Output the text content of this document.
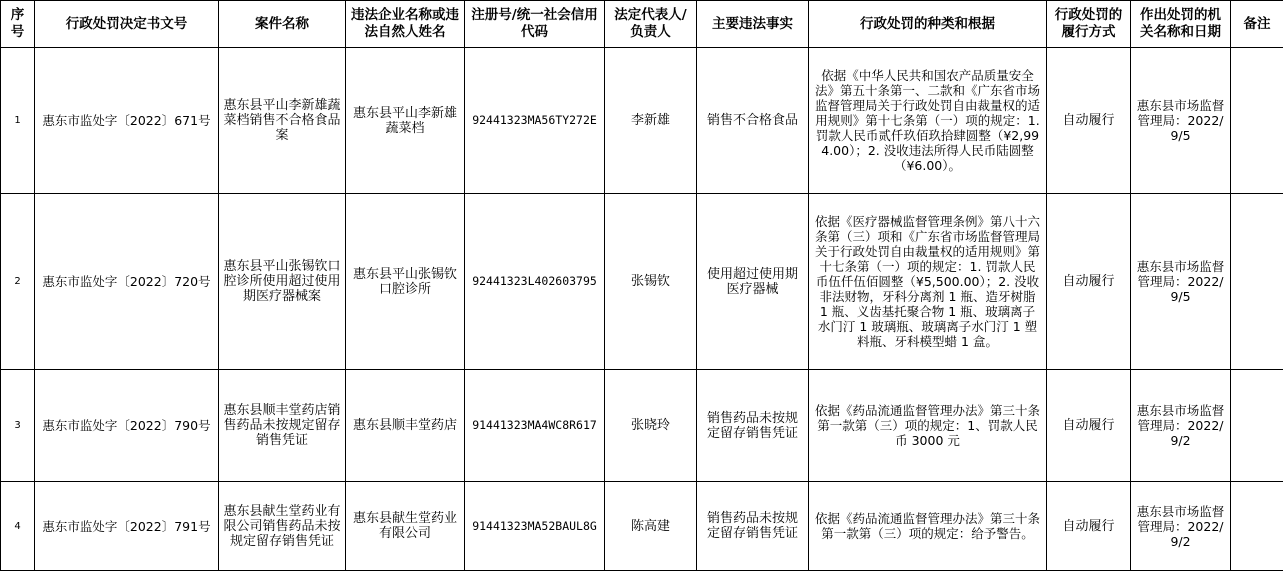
序号	行政处罚决定书文号	案件名称	违法企业名称或违法自然人姓名	注册号/统一社会信用代码	法定代表人/负责人	主要违法事实	行政处罚的种类和根据	行政处罚的履行方式	作出处罚的机关名称和日期	备注
1	惠东市监处字〔2022〕671号	惠东县平山李新雄蔬菜档销售不合格食品案	惠东县平山李新雄蔬菜档	92441323MA56TY272E	李新雄	销售不合格食品	依据《中华人民共和国农产品质量安全法》第五十条第一、二款和《广东省市场监督管理局关于行政处罚自由裁量权的适用规则》第十七条第（一）项的规定：1. 罚款人民币贰仟玖佰玖拾肆圆整（¥2,994.00）；2. 没收违法所得人民币陆圆整（¥6.00）。	自动履行	惠东县市场监督管理局：2022/9/5	
2	惠东市监处字〔2022〕720号	惠东县平山张锡钦口腔诊所使用超过使用期医疗器械案	惠东县平山张锡钦口腔诊所	92441323L402603795	张锡钦	使用超过使用期医疗器械	依据《医疗器械监督管理条例》第八十六条第（三）项和《广东省市场监督管理局关于行政处罚自由裁量权的适用规则》第十七条第（一）项的规定：1. 罚款人民币伍仟伍佰圆整（¥5,500.00）；2. 没收非法财物，牙科分离剂 1 瓶、造牙树脂 1 瓶、义齿基托聚合物 1 瓶、玻璃离子水门汀 1 玻璃瓶、玻璃离子水门汀 1 塑料瓶、牙科模型蜡 1 盒。	自动履行	惠东县市场监督管理局：2022/9/5	
3	惠东市监处字〔2022〕790号	惠东县顺丰堂药店销售药品未按规定留存销售凭证	惠东县顺丰堂药店	91441323MA4WC8R617	张晓玲	销售药品未按规定留存销售凭证	依据《药品流通监督管理办法》第三十条第一款第（三）项的规定：1、罚款人民币 3000 元	自动履行	惠东县市场监督管理局：2022/9/2	
4	惠东市监处字〔2022〕791号	惠东县献生堂药业有限公司销售药品未按规定留存销售凭证	惠东县献生堂药业有限公司	91441323MA52BAUL8G	陈高建	销售药品未按规定留存销售凭证	依据《药品流通监督管理办法》第三十条第一款第（三）项的规定：给予警告。	自动履行	惠东县市场监督管理局：2022/9/2	
